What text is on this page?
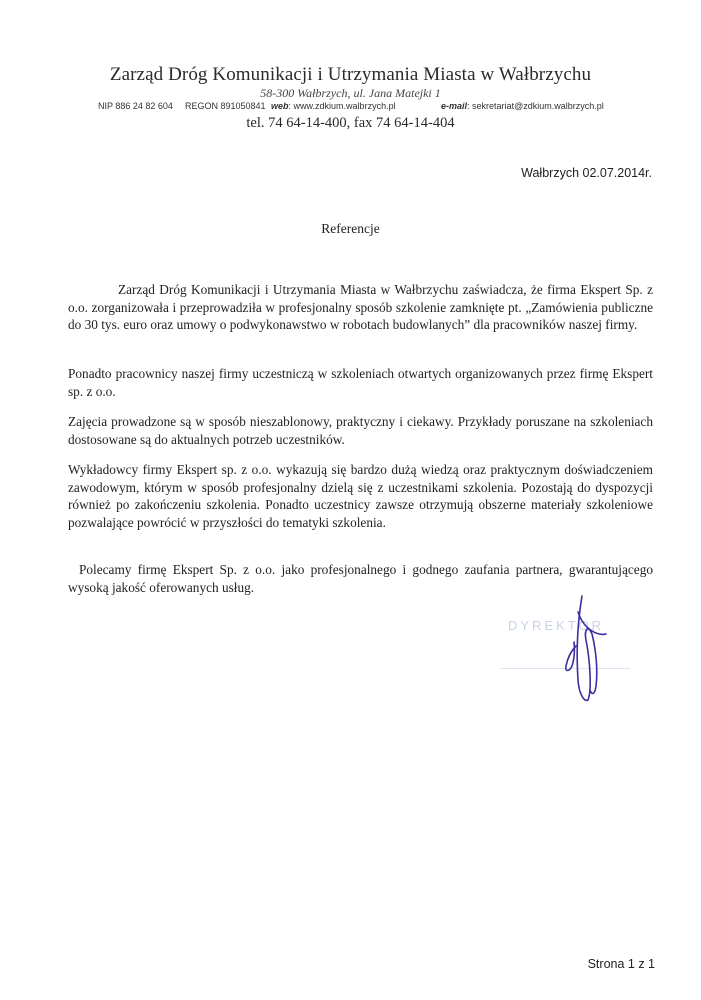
Zarząd Dróg Komunikacji i Utrzymania Miasta w Wałbrzychu
58-300 Wałbrzych, ul. Jana Matejki 1
NIP 886 24 82 604 REGON 891050841 web: www.zdkium.walbrzych.pl	e-mail: sekretariat@zdkium.walbrzych.pl
tel. 74 64-14-400, fax 74 64-14-404
Wałbrzych 02.07.2014r.
Referencje

Zarząd Dróg Komunikacji i Utrzymania Miasta w Wałbrzychu zaświadcza, że firma Ekspert Sp. z o.o. zorganizowała i przeprowadziła w profesjonalny sposób szkolenie zamknięte pt. „Zamówienia publiczne do 30 tys. euro oraz umowy o podwykonawstwo w robotach budowlanych” dla pracowników naszej firmy.

Ponadto pracownicy naszej firmy uczestniczą w szkoleniach otwartych organizowanych przez firmę Ekspert sp. z o.o.

Zajęcia prowadzone są w sposób nieszablonowy, praktyczny i ciekawy. Przykłady poruszane na szkoleniach dostosowane są do aktualnych potrzeb uczestników.

Wykładowcy firmy Ekspert sp. z o.o. wykazują się bardzo dużą wiedzą oraz praktycznym doświadczeniem zawodowym, którym w sposób profesjonalny dzielą się z uczestnikami szkolenia. Pozostają do dyspozycji również po zakończeniu szkolenia. Ponadto uczestnicy zawsze otrzymują obszerne materiały szkoleniowe pozwalające powrócić w przyszłości do tematyki szkolenia.

Polecamy firmę Ekspert Sp. z o.o. jako profesjonalnego i godnego zaufania partnera, gwarantującego wysoką jakość oferowanych usług.

DYREKTOR
Strona 1 z 1
